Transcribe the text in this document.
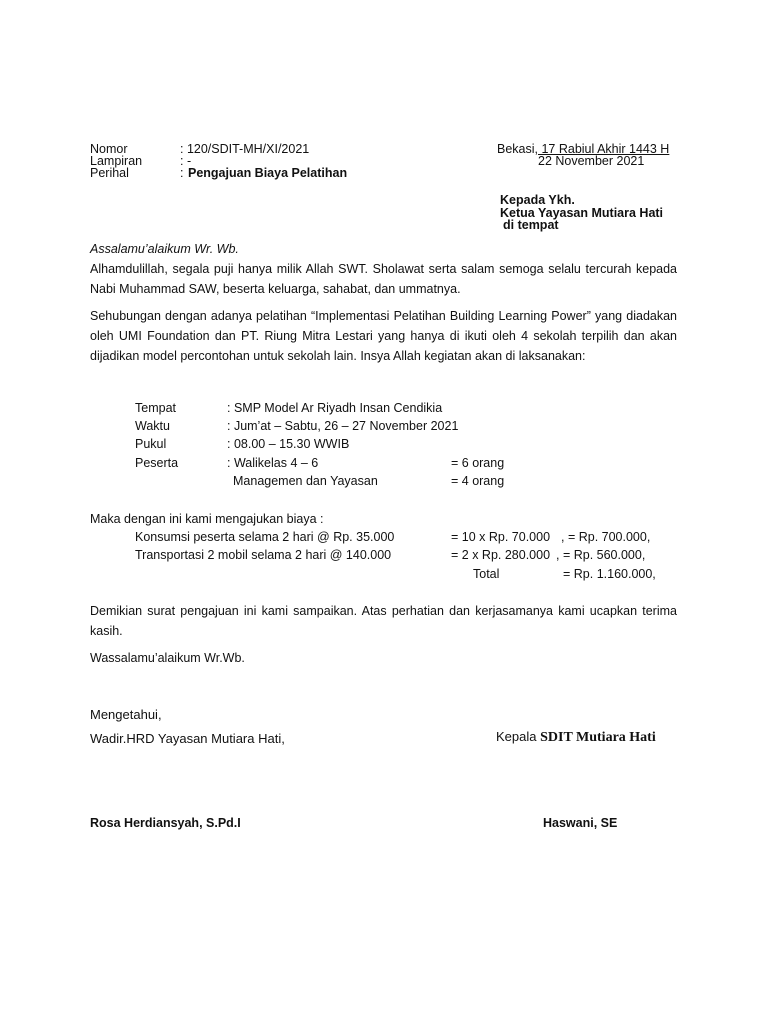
Nomor	: 120/SDIT-MH/XI/2021
Lampiran	: -
Perihal	: Pengajuan Biaya Pelatihan
Bekasi, 17 Rabiul Akhir 1443 H
22 November 2021
Kepada Ykh.
Ketua Yayasan Mutiara Hati
di tempat
Assalamu’alaikum Wr. Wb.
Alhamdulillah, segala puji hanya milik Allah SWT. Sholawat serta salam semoga selalu tercurah kepada Nabi Muhammad SAW, beserta keluarga, sahabat, dan ummatnya.
Sehubungan dengan adanya pelatihan “Implementasi Pelatihan Building Learning Power” yang diadakan oleh UMI Foundation dan PT. Riung Mitra Lestari yang hanya di ikuti oleh 4 sekolah terpilih dan akan dijadikan model percontohan untuk sekolah lain. Insya Allah kegiatan akan di laksanakan:
Tempat	: SMP Model Ar Riyadh Insan Cendikia
Waktu	: Jum’at – Sabtu, 26 – 27 November 2021
Pukul	: 08.00 – 15.30 WWIB
Peserta	: Walikelas 4 – 6	= 6 orang
Managemen dan Yayasan	= 4 orang
Maka dengan ini kami mengajukan biaya :
Konsumsi peserta selama 2 hari @ Rp. 35.000	= 10 x Rp. 70.000 , = Rp. 700.000,
Transportasi 2 mobil selama 2 hari @ 140.000	= 2 x Rp. 280.000 , = Rp. 560.000,
Total	= Rp. 1.160.000,
Demikian surat pengajuan ini kami sampaikan. Atas perhatian dan kerjasamanya kami ucapkan terima kasih.
Wassalamu’alaikum Wr.Wb.
Mengetahui,
Wadir.HRD Yayasan Mutiara Hati,	Kepala SDIT Mutiara Hati
Rosa Herdiansyah, S.Pd.I	Haswani, SE
